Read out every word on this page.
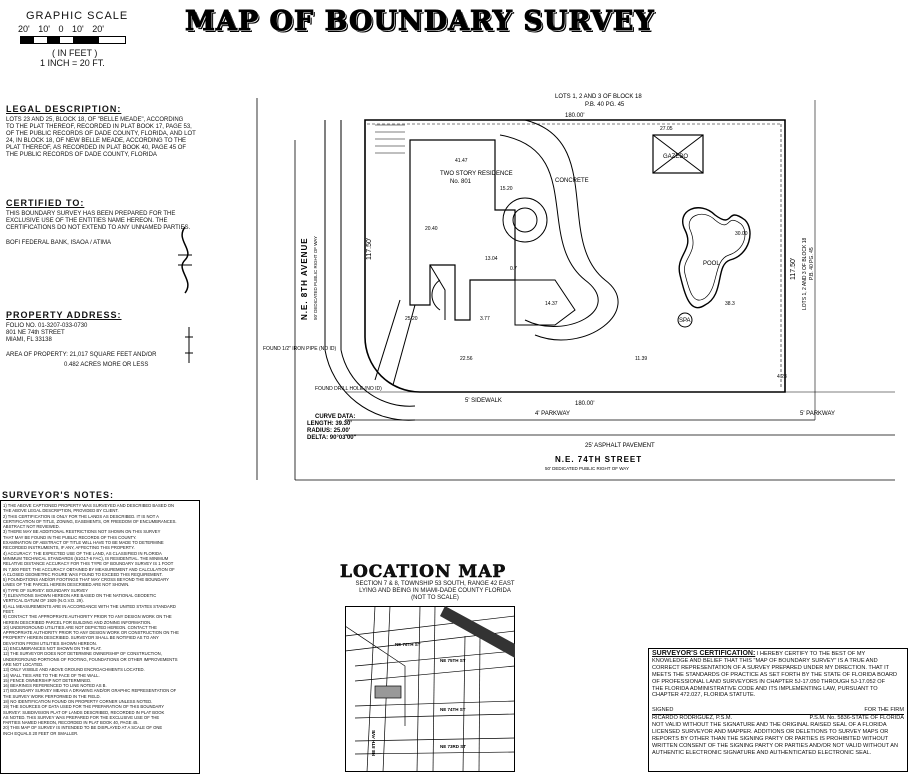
MAP OF BOUNDARY SURVEY
GRAPHIC SCALE
20' 10' 0 10' 20'
( IN FEET )
1 INCH = 20 FT.
LEGAL DESCRIPTION:
LOTS 23 AND 25, BLOCK 18, OF "BELLE MEADE", ACCORDING
TO THE PLAT THEREOF, RECORDED IN PLAT BOOK 17, PAGE 53,
OF THE PUBLIC RECORDS OF DADE COUNTY, FLORIDA, AND LOT
24, IN BLOCK 18, OF NEW BELLE MEADE, ACCORDING TO THE
PLAT THEREOF, AS RECORDED IN PLAT BOOK 40, PAGE 45 OF
THE PUBLIC RECORDS OF DADE COUNTY, FLORIDA
CERTIFIED TO:
THIS BOUNDARY SURVEY HAS BEEN PREPARED FOR THE
EXCLUSIVE USE OF THE ENTITIES NAME HEREON. THE
CERTIFICATIONS DO NOT EXTEND TO ANY UNNAMED PARTIES.
BOFI FEDERAL BANK, ISAOA / ATIMA
PROPERTY ADDRESS:
FOLIO NO. 01-3207-033-0730
801 NE 74th STREET
MIAMI, FL 33138
AREA OF PROPERTY: 21,017 SQUARE FEET AND/OR
0.482 ACRES MORE OR LESS
LOTS 1, 2 AND 3 OF BLOCK 18
P.B. 40 PG. 45
180.00'
180.00'
5' SIDEWALK
4' PARKWAY	5' PARKWAY
25' ASPHALT PAVEMENT
TWO STORY RESIDENCE
No. 801	CONCRETE
GAZEBO
POOL
SPA
FOUND DRILL HOLE (NO ID)
FOUND 1/2" IRON PIPE (NO ID)
CURVE DATA:
LENGTH: 39.30'
RADIUS: 25.00'
DELTA: 90°03'00"
41.47
20.40
15.20
27.05
25.20
13.04
14.37
22.56
38.3
30.00
4.23
11.39
3.77
0.7
N.E. 8TH AVENUE 50' DEDICATED PUBLIC RIGHT OF WAY	117.50'
117.50' LOTS 1, 2 AND 3 OF BLOCK 18 P.B. 40 PG. 45
N.E. 74TH STREET
50' DEDICATED PUBLIC RIGHT OF WAY
SURVEYOR'S NOTES:
1) THE ABOVE CAPTIONED PROPERTY WAS SURVEYED AND DESCRIBED BASED ON
THE ABOVE LEGAL DESCRIPTION, PROVIDED BY CLIENT.
2) THIS CERTIFICATION IS ONLY FOR THE LANDS AS DESCRIBED. IT IS NOT A
CERTIFICATION OF TITLE, ZONING, EASEMENTS, OR FREEDOM OF ENCUMBRANCES.
ABSTRACT NOT REVIEWED.
3) THERE MAY BE ADDITIONAL RESTRICTIONS NOT SHOWN ON THIS SURVEY
THAT MAY BE FOUND IN THE PUBLIC RECORDS OF THIS COUNTY.
EXAMINATION OF ABSTRACT OF TITLE WILL HAVE TO BE MADE TO DETERMINE
RECORDED INSTRUMENTS, IF ANY, AFFECTING THIS PROPERTY.
4) ACCURACY: THE EXPECTED USE OF THE LAND, AS CLASSIFIED IN FLORIDA
MINIMUM TECHNICAL STANDARDS (61G17-6 FAC), IS RESIDENTIAL. THE MINIMUM
RELATIVE DISTANCE ACCURACY FOR THIS TYPE OF BOUNDARY SURVEY IS 1 FOOT
IN 7,500 FEET. THE ACCURACY OBTAINED BY MEASUREMENT AND CALCULATION OF
A CLOSED GEOMETRIC FIGURE WAS FOUND TO EXCEED THIS REQUIREMENT.
5) FOUNDATIONS AND/OR FOOTINGS THAT MAY CROSS BEYOND THE BOUNDARY
LINES OF THE PARCEL HEREIN DESCRIBED ARE NOT SHOWN.
6) TYPE OF SURVEY: BOUNDARY SURVEY
7) ELEVATIONS SHOWN HEREON ARE BASED ON THE NATIONAL GEODETIC
VERTICAL DATUM OF 1929 (N.G.V.D. 29).
8) ALL MEASUREMENTS ARE IN ACCORDANCE WITH THE UNITED STATES STANDARD
FEET.
9) CONTACT THE APPROPRIATE AUTHORITY PRIOR TO ANY DESIGN WORK ON THE
HEREIN DESCRIBED PARCEL FOR BUILDING AND ZONING INFORMATION.
10) UNDERGROUND UTILITIES ARE NOT DEPICTED HEREON. CONTACT THE
APPROPRIATE AUTHORITY PRIOR TO ANY DESIGN WORK OR CONSTRUCTION ON THE
PROPERTY HEREIN DESCRIBED. SURVEYOR SHALL BE NOTIFIED AS TO ANY
DEVIATION FROM UTILITIES SHOWN HEREON.
11) ENCUMBRANCES NOT SHOWN ON THE PLAT.
12) THE SURVEYOR DOES NOT DETERMINE OWNERSHIP OF CONSTRUCTION,
UNDERGROUND PORTIONS OF FOOTING, FOUNDATIONS OR OTHER IMPROVEMENTS
ARE NOT LOCATED.
13) ONLY VISIBLE AND ABOVE GROUND ENCROACHMENTS LOCATED.
14) WALL TIES ARE TO THE FACE OF THE WALL.
15) FENCE OWNERSHIP NOT DETERMINED.
16) BEARINGS REFERENCED TO LINE NOTED AS B.
17) BOUNDARY SURVEY MEANS A DRAWING AND/OR GRAPHIC REPRESENTATION OF
THE SURVEY WORK PERFORMED IN THE FIELD.
18) NO IDENTIFICATION FOUND ON PROPERTY CORNER UNLESS NOTED.
19) THE SOURCES OF DATA USED FOR THE PREPARATION OF THIS BOUNDARY
SURVEY: SUBDIVISION PLAT OF LANDS DESCRIBED, RECORDED IN PLAT BOOK
AS NOTED. THIS SURVEY WAS PREPARED FOR THE EXCLUSIVE USE OF THE
PARTIES NAMED HEREON, RECORDED IN PLAT BOOK 40, PAGE 45.
20) THIS MAP OF SURVEY IS INTENDED TO BE DISPLAYED AT A SCALE OF ONE
INCH EQUALS 20 FEET OR SMALLER.
LOCATION MAP
SECTION 7 & 8, TOWNSHIP 53 SOUTH, RANGE 42 EAST
LYING AND BEING IN MIAMI-DADE COUNTY FLORIDA
(NOT TO SCALE)
NE 76TH ST
NE 75TH ST
NE 74TH ST
NE 73RD ST
NE 8TH AVE
SURVEYOR'S CERTIFICATION: I HEREBY CERTIFY TO THE BEST OF MY
KNOWLEDGE AND BELIEF THAT THIS "MAP OF BOUNDARY SURVEY" IS A TRUE AND
CORRECT REPRESENTATION OF A SURVEY PREPARED UNDER MY DIRECTION. THAT IT
MEETS THE STANDARDS OF PRACTICE AS SET FORTH BY THE STATE OF FLORIDA BOARD
OF PROFESSIONAL LAND SURVEYORS IN CHAPTER 5J-17.050 THROUGH 5J-17.052 OF
THE FLORIDA ADMINISTRATIVE CODE AND ITS IMPLEMENTING LAW, PURSUANT TO
CHAPTER 472.027, FLORIDA STATUTE.
SIGNED	FOR THE FIRM
RICARDO RODRIGUEZ, P.S.M.	P.S.M. No. 5836-STATE OF FLORIDA
NOT VALID WITHOUT THE SIGNATURE AND THE ORIGINAL RAISED SEAL OF A FLORIDA
LICENSED SURVEYOR AND MAPPER. ADDITIONS OR DELETIONS TO SURVEY MAPS OR
REPORTS BY OTHER THAN THE SIGNING PARTY OR PARTIES IS PROHIBITED WITHOUT
WRITTEN CONSENT OF THE SIGNING PARTY OR PARTIES AND/OR NOT VALID WITHOUT AN
AUTHENTIC ELECTRONIC SIGNATURE AND AUTHENTICATED ELECTRONIC SEAL.
